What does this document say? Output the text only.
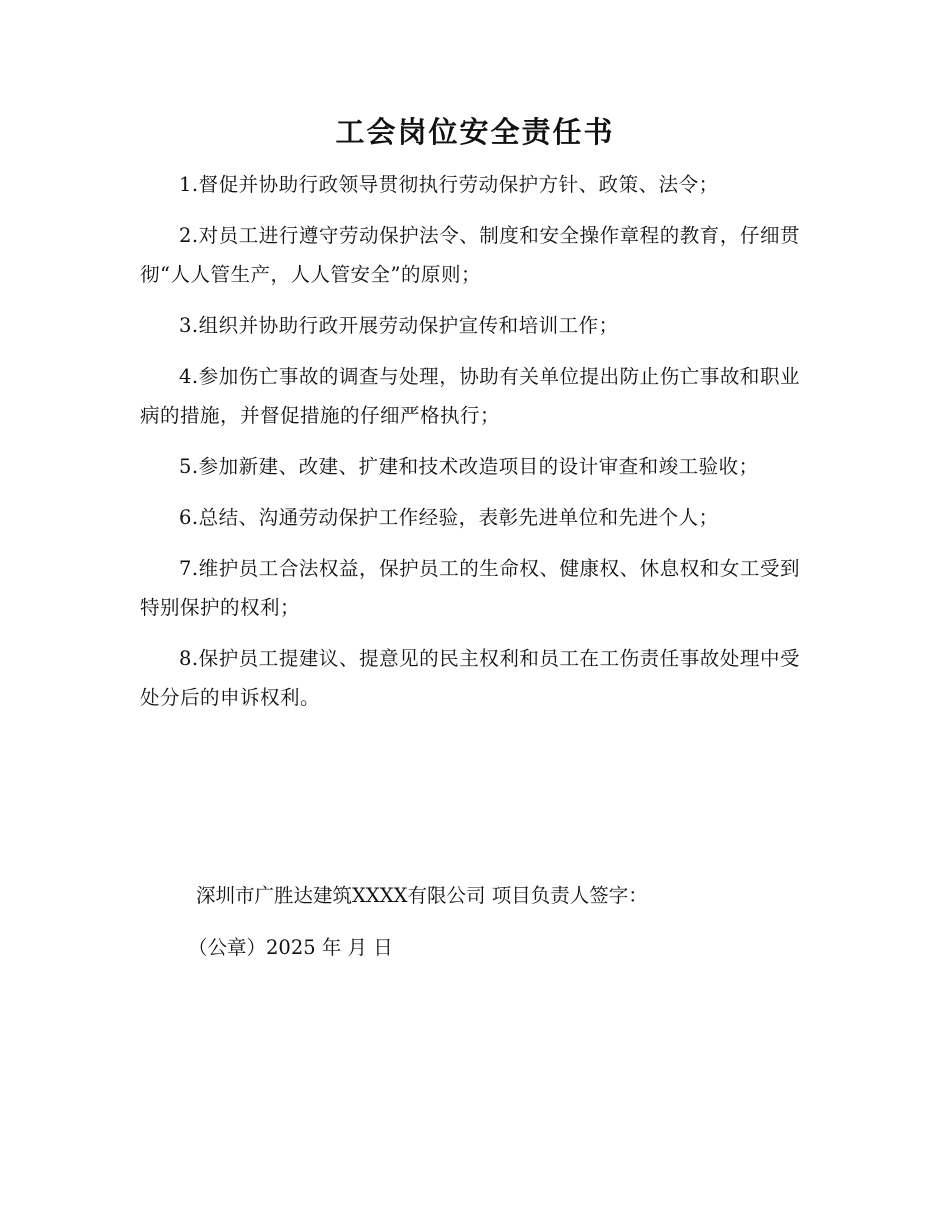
工会岗位安全责任书

1.督促并协助行政领导贯彻执行劳动保护方针、政策、法令；

2.对员工进行遵守劳动保护法令、制度和安全操作章程的教育，仔细贯彻“人人管生产，人人管安全”的原则；

3.组织并协助行政开展劳动保护宣传和培训工作；

4.参加伤亡事故的调查与处理，协助有关单位提出防止伤亡事故和职业病的措施，并督促措施的仔细严格执行；

5.参加新建、改建、扩建和技术改造项目的设计审查和竣工验收；

6.总结、沟通劳动保护工作经验，表彰先进单位和先进个人；

7.维护员工合法权益，保护员工的生命权、健康权、休息权和女工受到特别保护的权利；

8.保护员工提建议、提意见的民主权利和员工在工伤责任事故处理中受处分后的申诉权利。

深圳市广胜达建筑XXXX有限公司 项目负责人签字：
（公章）2025 年 月 日
